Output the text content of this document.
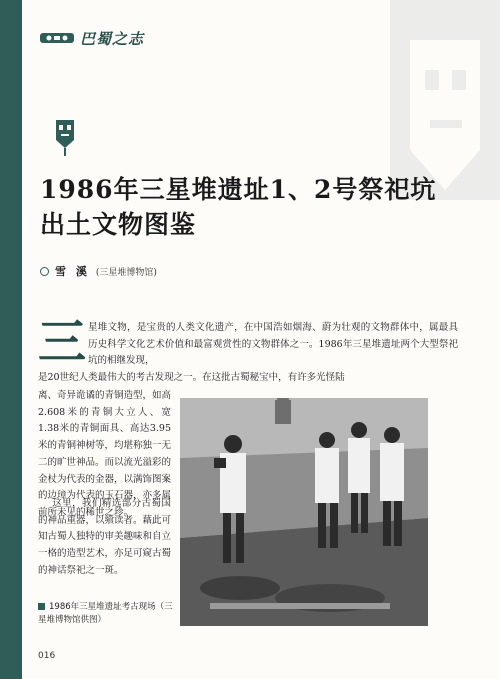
巴蜀之志
1986年三星堆遗址1、2号祭祀坑出土文物图鉴
雪 溪 (三星堆博物馆)
三 星堆文物，是宝贵的人类文化遗产，在中国浩如烟海、蔚为壮观的文物群体中，属最具历史科学文化艺术价值和最富观赏性的文物群体之一。1986年三星堆遗址两个大型祭祀坑的相继发现，

是20世纪人类最伟大的考古发现之一。在这批古蜀秘宝中，有许多光怪陆

离、奇异诡谲的青铜造型，如高2.608米的青铜大立人、宽1.38米的青铜面具、高达3.95米的青铜神树等，均堪称独一无二的旷世神品。而以流光溢彩的金杖为代表的金器，以满饰图案的边璋为代表的玉石器，亦多属前所未见的稀世之珍。

这里，我们精选部分古蜀国的神品重器，以飨读者。藉此可知古蜀人独特的审美趣味和自立一格的造型艺术，亦足可窥古蜀的神话祭祀之一斑。

1986年三星堆遗址考古现场（三星堆博物馆供图）
016
